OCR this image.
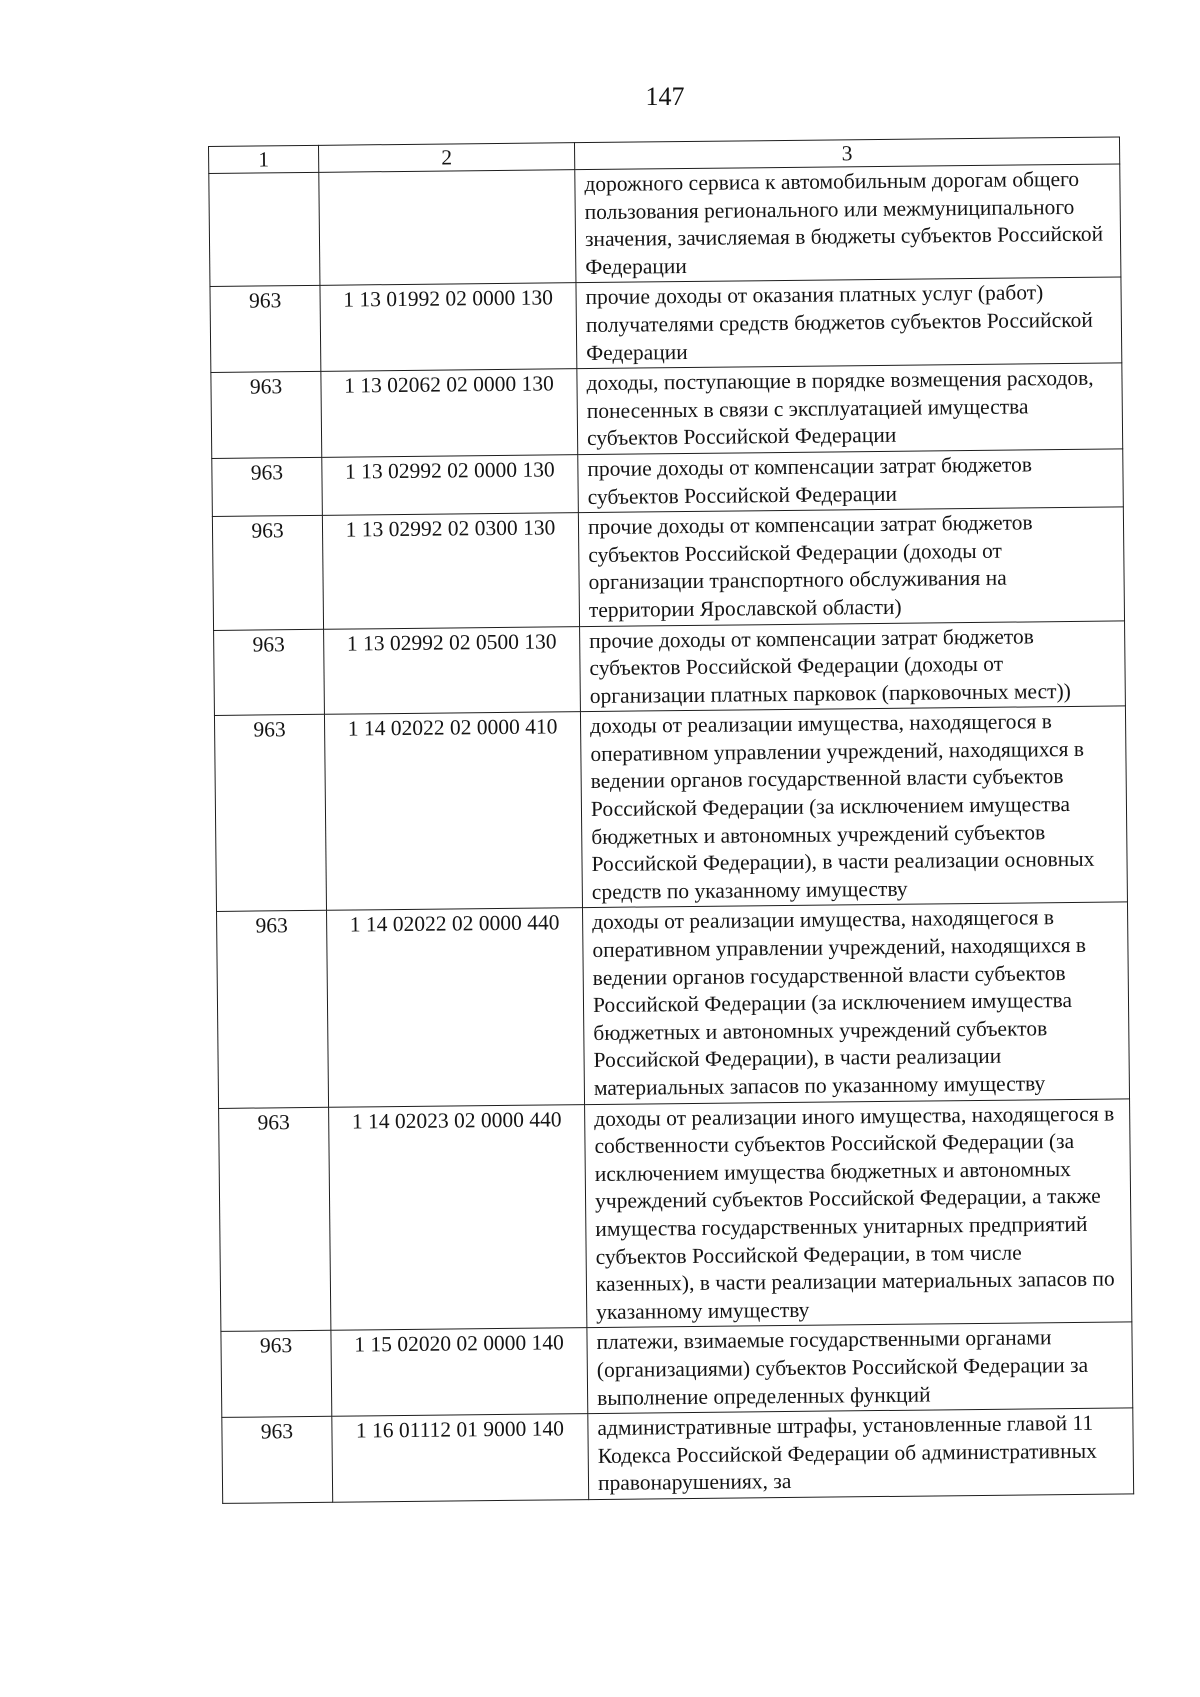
147
1	2	3
		дорожного сервиса к автомобильным дорогам общего пользования регионального или межмуниципального значения, зачисляемая в бюджеты субъектов Российской Федерации
963	1 13 01992 02 0000 130	прочие доходы от оказания платных услуг (работ) получателями средств бюджетов субъектов Российской Федерации
963	1 13 02062 02 0000 130	доходы, поступающие в порядке возмещения расходов, понесенных в связи с эксплуатацией имущества субъектов Российской Федерации
963	1 13 02992 02 0000 130	прочие доходы от компенсации затрат бюджетов субъектов Российской Федерации
963	1 13 02992 02 0300 130	прочие доходы от компенсации затрат бюджетов субъектов Российской Федерации (доходы от организации транспортного обслуживания на территории Ярославской области)
963	1 13 02992 02 0500 130	прочие доходы от компенсации затрат бюджетов субъектов Российской Федерации (доходы от организации платных парковок (парковочных мест))
963	1 14 02022 02 0000 410	доходы от реализации имущества, находящегося в оперативном управлении учреждений, находящихся в ведении органов государственной власти субъектов Российской Федерации (за исключением имущества бюджетных и автономных учреждений субъектов Российской Федерации), в части реализации основных средств по указанному имуществу
963	1 14 02022 02 0000 440	доходы от реализации имущества, находящегося в оперативном управлении учреждений, находящихся в ведении органов государственной власти субъектов Российской Федерации (за исключением имущества бюджетных и автономных учреждений субъектов Российской Федерации), в части реализации материальных запасов по указанному имуществу
963	1 14 02023 02 0000 440	доходы от реализации иного имущества, находящегося в собственности субъектов Российской Федерации (за исключением имущества бюджетных и автономных учреждений субъектов Российской Федерации, а также имущества государственных унитарных предприятий субъектов Российской Федерации, в том числе казенных), в части реализации материальных запасов по указанному имуществу
963	1 15 02020 02 0000 140	платежи, взимаемые государственными органами (организациями) субъектов Российской Федерации за выполнение определенных функций
963	1 16 01112 01 9000 140	административные штрафы, установленные главой 11 Кодекса Российской Федерации об административных правонарушениях, за
